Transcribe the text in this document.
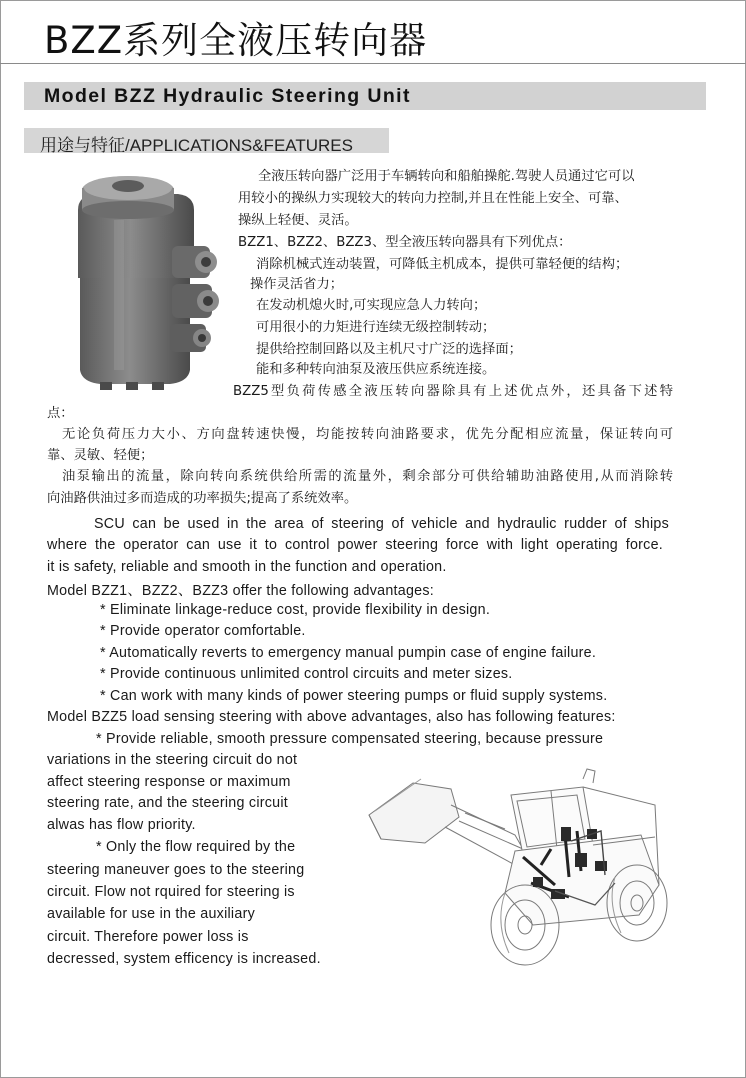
BZZ系列全液压转向器
Model BZZ Hydraulic Steering Unit
用途与特征/APPLICATIONS&FEATURES
全液压转向器广泛用于车辆转向和船舶操舵.驾驶人员通过它可以
用较小的操纵力实现较大的转向力控制,并且在性能上安全、可靠、
操纵上轻便、灵活。
BZZ1、BZZ2、BZZ3、型全液压转向器具有下列优点：
消除机械式连动装置，可降低主机成本，提供可靠轻便的结构；
操作灵活省力；
在发动机熄火时,可实现应急人力转向；
可用很小的力矩进行连续无级控制转动；
提供给控制回路以及主机尺寸广泛的选择面；
能和多种转向油泵及液压供应系统连接。
BZZ5型负荷传感全液压转向器除具有上述优点外，还具备下述特
点：
无论负荷压力大小、方向盘转速快慢，均能按转向油路要求，优先分配相应流量，保证转向可
靠、灵敏、轻便；
油泵输出的流量，除向转向系统供给所需的流量外，剩余部分可供给辅助油路使用,从而消除转
向油路供油过多而造成的功率损失;提高了系统效率。
SCU can be used in the area of steering of vehicle and hydraulic rudder of ships
where the operator can use it to control power steering force with light operating force.
it is safety, reliable and smooth in the function and operation.
Model BZZ1、BZZ2、BZZ3 offer the following advantages:
* Eliminate linkage-reduce cost, provide flexibility in design.
* Provide operator comfortable.
* Automatically reverts to emergency manual pumpin case of engine failure.
* Provide continuous unlimited control circuits and meter sizes.
* Can work with many kinds of power steering pumps or fluid supply systems.
Model BZZ5 load sensing steering with above advantages, also has following features:
* Provide reliable, smooth pressure compensated steering, because pressure
variations in the steering circuit do not
affect steering response or maximum
steering rate, and the steering circuit
alwas has flow priority.
* Only the flow required by the
steering maneuver goes to the steering
circuit. Flow not rquired for steering is
available for use in the auxiliary
circuit. Therefore power loss is
decressed, system efficency is increased.
